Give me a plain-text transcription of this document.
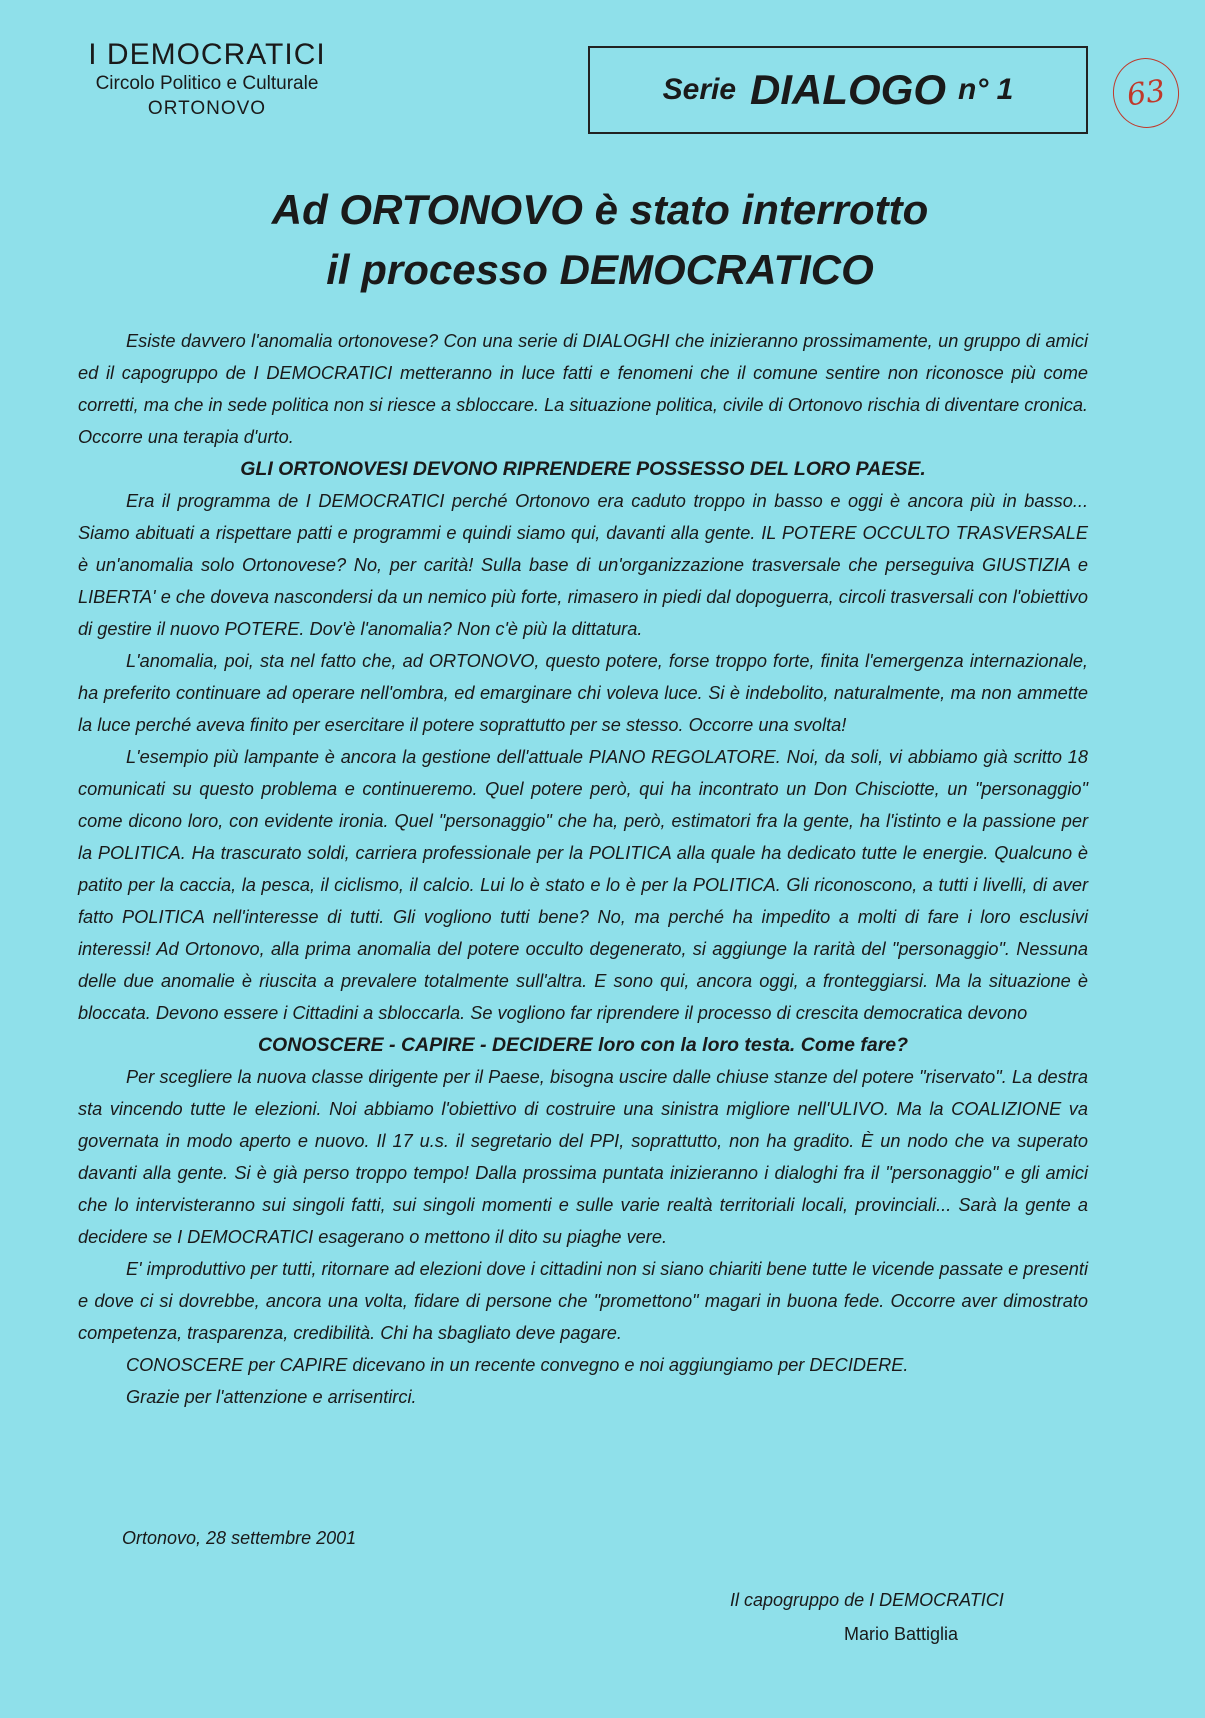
I DEMOCRATICI
Circolo Politico e Culturale
ORTONOVO
Serie DIALOGO n° 1	63
Ad ORTONOVO è stato interrotto
il processo DEMOCRATICO

Esiste davvero l'anomalia ortonovese? Con una serie di DIALOGHI che inizieranno prossimamente, un gruppo di amici ed il capogruppo de I DEMOCRATICI metteranno in luce fatti e fenomeni che il comune sentire non riconosce più come corretti, ma che in sede politica non si riesce a sbloccare. La situazione politica, civile di Ortonovo rischia di diventare cronica. Occorre una terapia d'urto.

GLI ORTONOVESI DEVONO RIPRENDERE POSSESSO DEL LORO PAESE.

Era il programma de I DEMOCRATICI perché Ortonovo era caduto troppo in basso e oggi è ancora più in basso... Siamo abituati a rispettare patti e programmi e quindi siamo qui, davanti alla gente. IL POTERE OCCULTO TRASVERSALE è un'anomalia solo Ortonovese? No, per carità! Sulla base di un'organizzazione trasversale che perseguiva GIUSTIZIA e LIBERTA' e che doveva nascondersi da un nemico più forte, rimasero in piedi dal dopoguerra, circoli trasversali con l'obiettivo di gestire il nuovo POTERE. Dov'è l'anomalia? Non c'è più la dittatura.

L'anomalia, poi, sta nel fatto che, ad ORTONOVO, questo potere, forse troppo forte, finita l'emergenza internazionale, ha preferito continuare ad operare nell'ombra, ed emarginare chi voleva luce. Si è indebolito, naturalmente, ma non ammette la luce perché aveva finito per esercitare il potere soprattutto per se stesso. Occorre una svolta!

L'esempio più lampante è ancora la gestione dell'attuale PIANO REGOLATORE. Noi, da soli, vi abbiamo già scritto 18 comunicati su questo problema e continueremo. Quel potere però, qui ha incontrato un Don Chisciotte, un "personaggio" come dicono loro, con evidente ironia. Quel "personaggio" che ha, però, estimatori fra la gente, ha l'istinto e la passione per la POLITICA. Ha trascurato soldi, carriera professionale per la POLITICA alla quale ha dedicato tutte le energie. Qualcuno è patito per la caccia, la pesca, il ciclismo, il calcio. Lui lo è stato e lo è per la POLITICA. Gli riconoscono, a tutti i livelli, di aver fatto POLITICA nell'interesse di tutti. Gli vogliono tutti bene? No, ma perché ha impedito a molti di fare i loro esclusivi interessi! Ad Ortonovo, alla prima anomalia del potere occulto degenerato, si aggiunge la rarità del "personaggio". Nessuna delle due anomalie è riuscita a prevalere totalmente sull'altra. E sono qui, ancora oggi, a fronteggiarsi. Ma la situazione è bloccata. Devono essere i Cittadini a sbloccarla. Se vogliono far riprendere il processo di crescita democratica devono

CONOSCERE - CAPIRE - DECIDERE loro con la loro testa. Come fare?

Per scegliere la nuova classe dirigente per il Paese, bisogna uscire dalle chiuse stanze del potere "riservato". La destra sta vincendo tutte le elezioni. Noi abbiamo l'obiettivo di costruire una sinistra migliore nell'ULIVO. Ma la COALIZIONE va governata in modo aperto e nuovo. Il 17 u.s. il segretario del PPI, soprattutto, non ha gradito. È un nodo che va superato davanti alla gente. Si è già perso troppo tempo! Dalla prossima puntata inizieranno i dialoghi fra il "personaggio" e gli amici che lo intervisteranno sui singoli fatti, sui singoli momenti e sulle varie realtà territoriali locali, provinciali... Sarà la gente a decidere se I DEMOCRATICI esagerano o mettono il dito su piaghe vere.

E' improduttivo per tutti, ritornare ad elezioni dove i cittadini non si siano chiariti bene tutte le vicende passate e presenti e dove ci si dovrebbe, ancora una volta, fidare di persone che "promettono" magari in buona fede. Occorre aver dimostrato competenza, trasparenza, credibilità. Chi ha sbagliato deve pagare.

CONOSCERE per CAPIRE dicevano in un recente convegno e noi aggiungiamo per DECIDERE.

Grazie per l'attenzione e arrisentirci.

Ortonovo, 28 settembre 2001
Il capogruppo de I DEMOCRATICI
Mario Battiglia
